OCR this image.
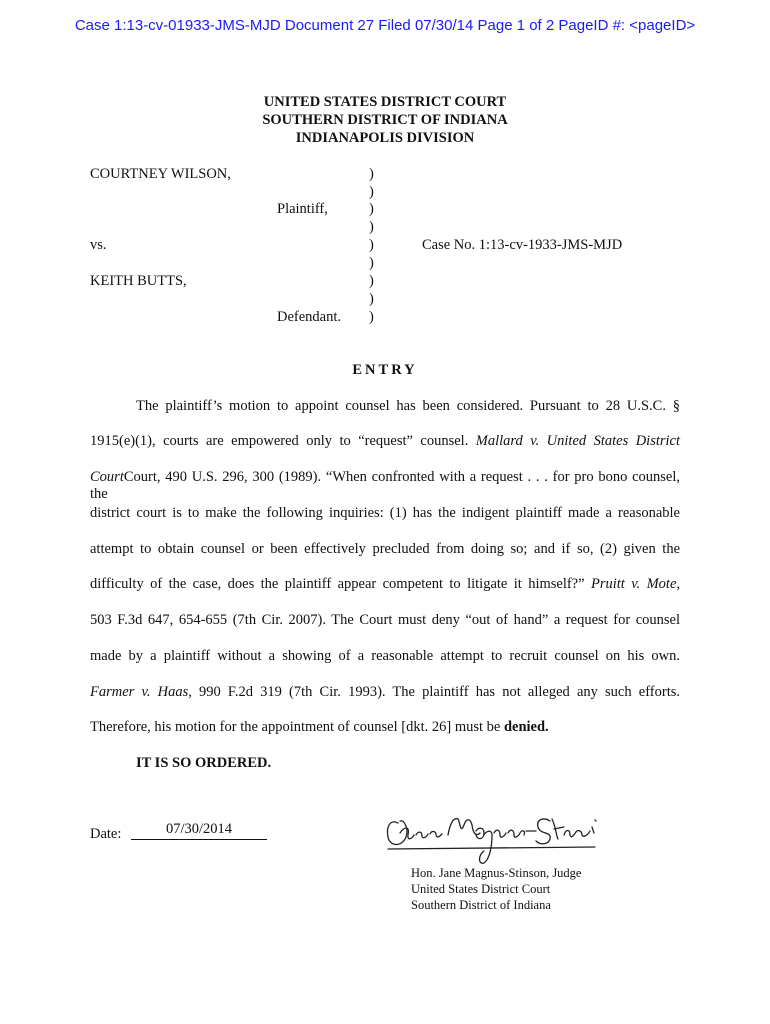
Case 1:13-cv-01933-JMS-MJD Document 27 Filed 07/30/14 Page 1 of 2 PageID #: <pageID>
UNITED STATES DISTRICT COURT
SOUTHERN DISTRICT OF INDIANA
INDIANAPOLIS DIVISION
COURTNEY WILSON,
Plaintiff,
vs.	Case No. 1:13-cv-1933-JMS-MJD
KEITH BUTTS,
Defendant.
)
)
)
)
)
)
)
)
)
ENTRY
The plaintiff’s motion to appoint counsel has been considered. Pursuant to 28 U.S.C. §
1915(e)(1), courts are empowered only to “request” counsel. Mallard v. United States District
CourtCourt, 490 U.S. 296, 300 (1989). “When confronted with a request . . . for pro bono counsel, the
district court is to make the following inquiries: (1) has the indigent plaintiff made a reasonable
attempt to obtain counsel or been effectively precluded from doing so; and if so, (2) given the
difficulty of the case, does the plaintiff appear competent to litigate it himself?” Pruitt v. Mote,
503 F.3d 647, 654-655 (7th Cir. 2007). The Court must deny “out of hand” a request for counsel
made by a plaintiff without a showing of a reasonable attempt to recruit counsel on his own.
Farmer v. Haas, 990 F.2d 319 (7th Cir. 1993). The plaintiff has not alleged any such efforts.
Therefore, his motion for the appointment of counsel [dkt. 26] must be denied.
IT IS SO ORDERED.
Date:	07/30/2014
Hon. Jane Magnus-Stinson, Judge
United States District Court
Southern District of Indiana
